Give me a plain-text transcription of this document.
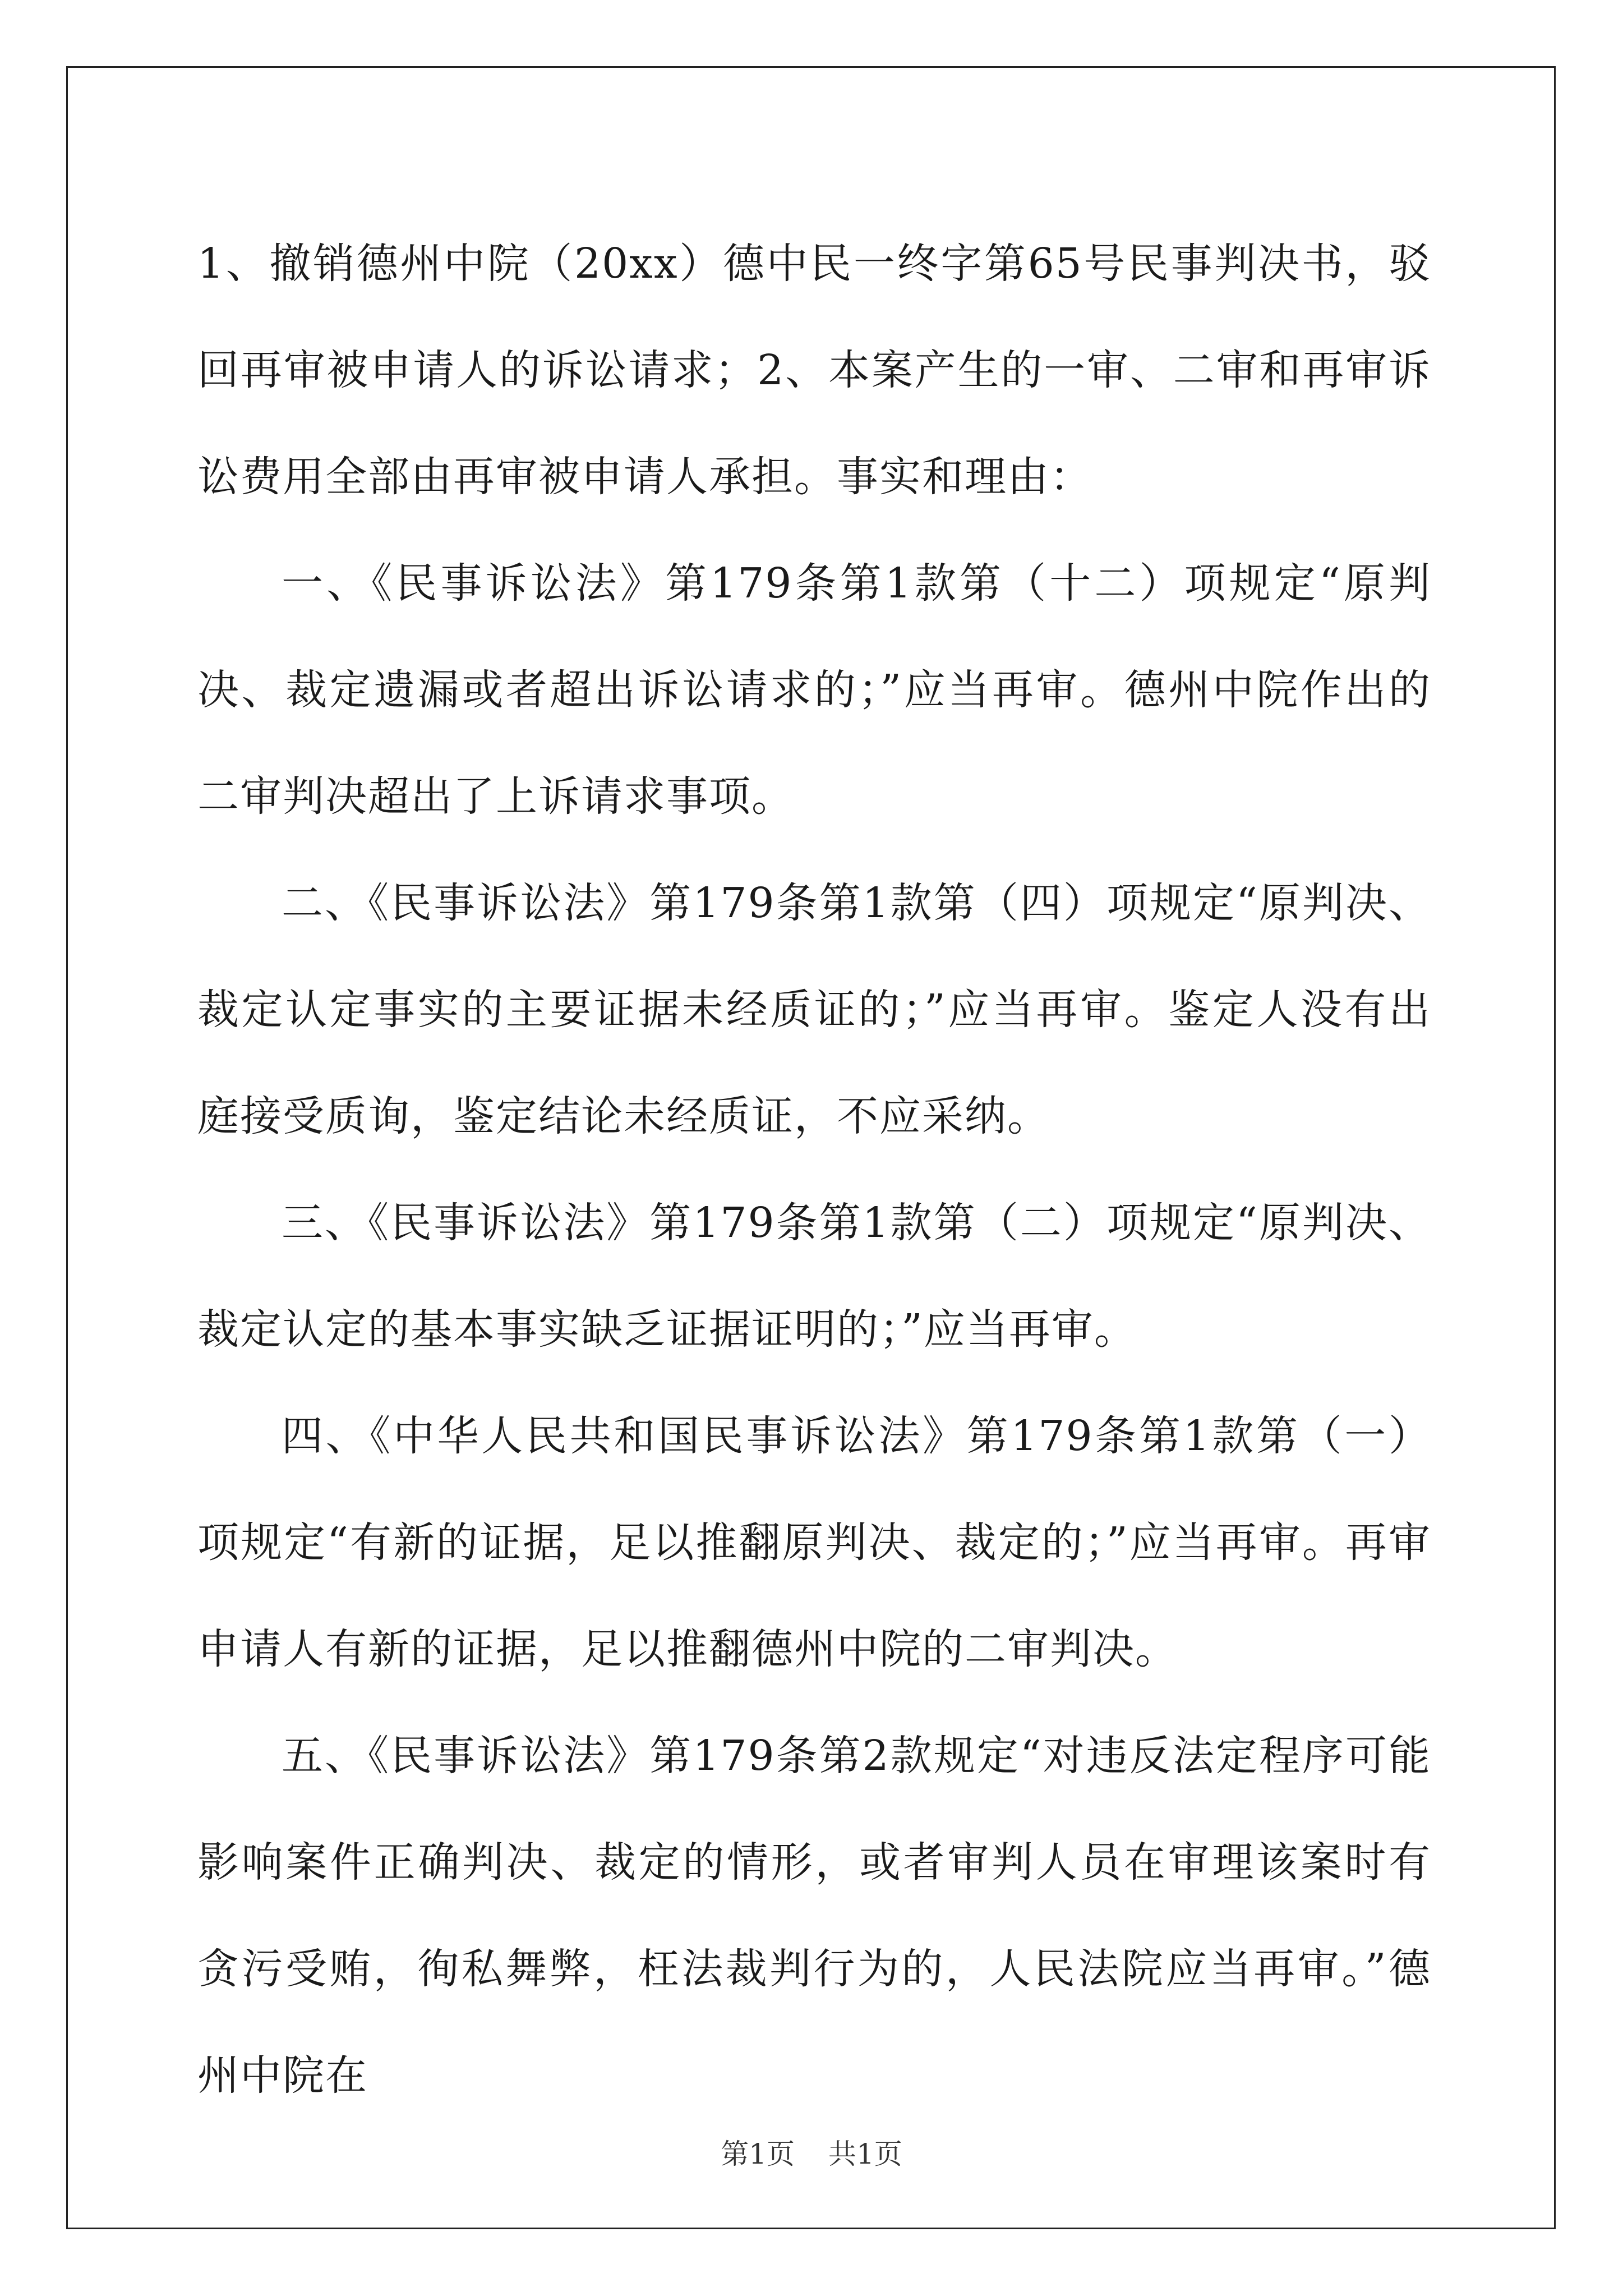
1、撤销德州中院（20xx）德中民一终字第65号民事判决书，驳回再审被申请人的诉讼请求；2、本案产生的一审、二审和再审诉讼费用全部由再审被申请人承担。事实和理由：

一、《民事诉讼法》第179条第1款第（十二）项规定“原判决、裁定遗漏或者超出诉讼请求的；”应当再审。德州中院作出的二审判决超出了上诉请求事项。

二、《民事诉讼法》第179条第1款第（四）项规定“原判决、裁定认定事实的主要证据未经质证的；”应当再审。鉴定人没有出庭接受质询，鉴定结论未经质证，不应采纳。

三、《民事诉讼法》第179条第1款第（二）项规定“原判决、裁定认定的基本事实缺乏证据证明的；”应当再审。

四、《中华人民共和国民事诉讼法》第179条第1款第（一）项规定“有新的证据，足以推翻原判决、裁定的；”应当再审。再审申请人有新的证据，足以推翻德州中院的二审判决。

五、《民事诉讼法》第179条第2款规定“对违反法定程序可能影响案件正确判决、裁定的情形，或者审判人员在审理该案时有贪污受贿，徇私舞弊，枉法裁判行为的，人民法院应当再审。”德州中院在

第1页 共1页
